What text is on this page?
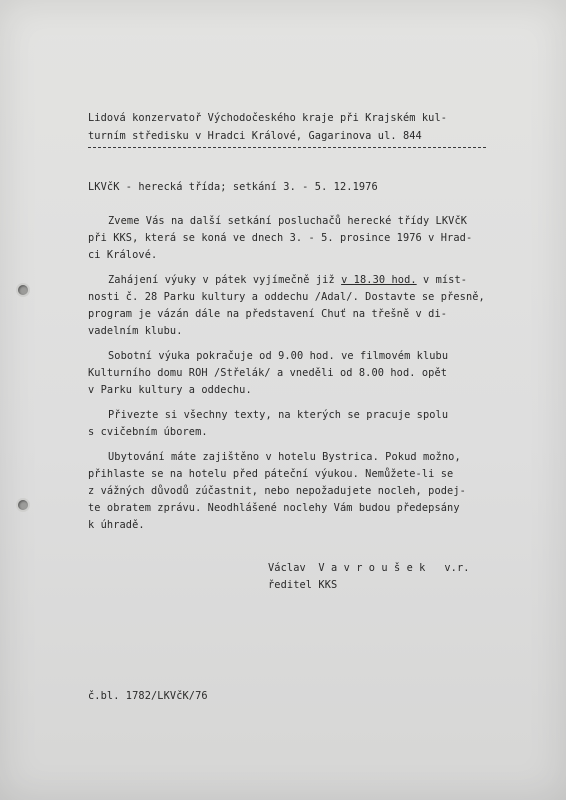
Lidová konzervatoř Východočeského kraje při Krajském kul-
turním středisku v Hradci Králové, Gagarinova ul. 844
LKVčK - herecká třída; setkání 3. - 5. 12.1976
Zveme Vás na další setkání posluchačů herecké třídy LKVčK
při KKS, která se koná ve dnech 3. - 5. prosince 1976 v Hrad-
ci Králové.
Zahájení výuky v pátek vyjímečně již v 18.30 hod. v míst-
nosti č. 28 Parku kultury a oddechu /Adal/. Dostavte se přesně,
program je vázán dále na představení Chuť na třešně v di-
vadelním klubu.
Sobotní výuka pokračuje od 9.00 hod. ve filmovém klubu
Kulturního domu ROH /Střelák/ a vneděli od 8.00 hod. opět
v Parku kultury a oddechu.
Přivezte si všechny texty, na kterých se pracuje spolu
s cvičebním úborem.
Ubytování máte zajištěno v hotelu Bystrica. Pokud možno,
přihlaste se na hotelu před páteční výukou. Nemůžete-li se
z vážných důvodů zúčastnit, nebo nepožadujete nocleh, podej-
te obratem zprávu. Neodhlášené noclehy Vám budou předepsány
k úhradě.
Václav  V a v r o u š e k   v.r.
ředitel KKS
č.bl. 1782/LKVčK/76
